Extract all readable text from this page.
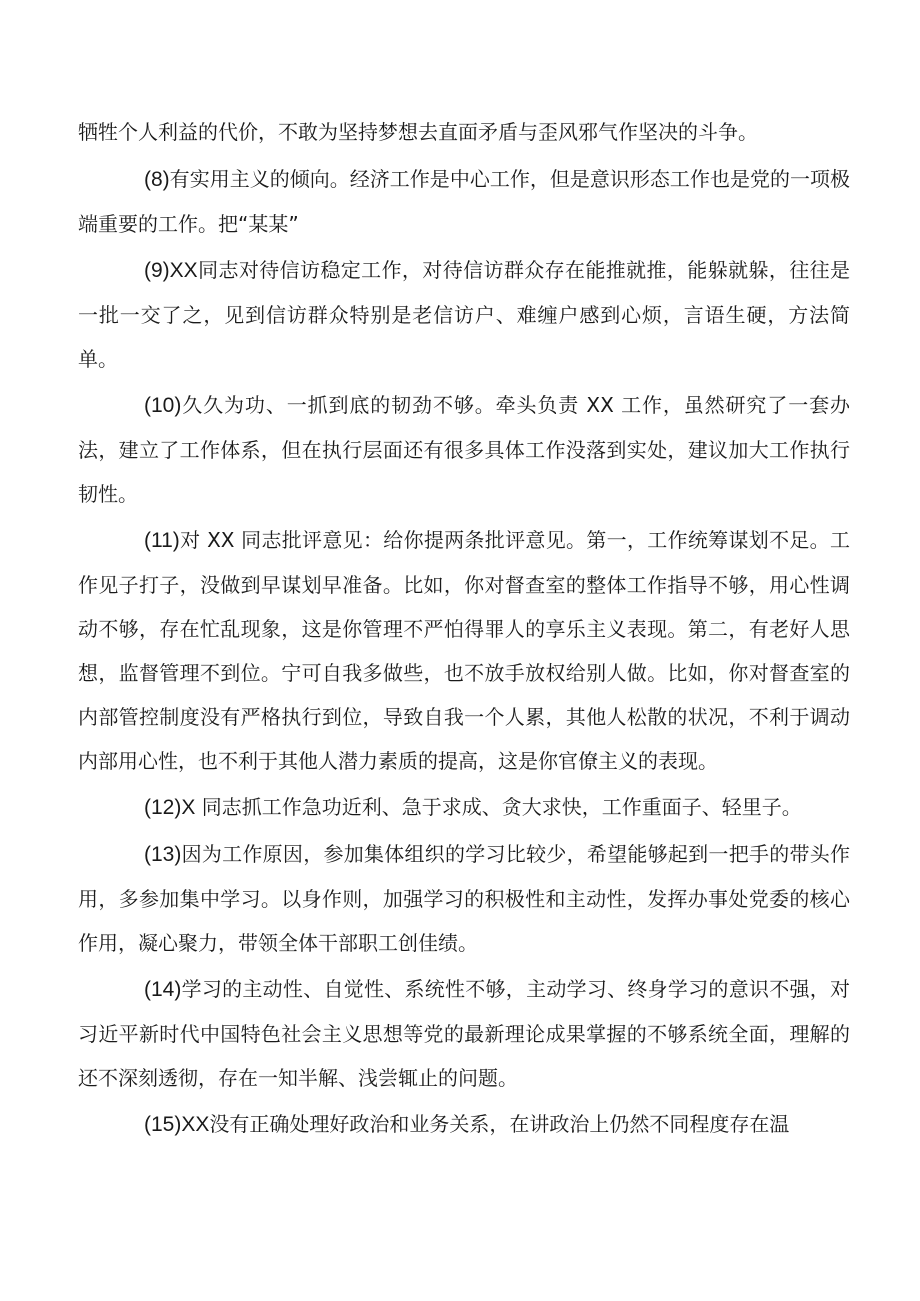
牺牲个人利益的代价，不敢为坚持梦想去直面矛盾与歪风邪气作坚决的斗争。

(8)有实用主义的倾向。经济工作是中心工作，但是意识形态工作也是党的一项极端重要的工作。把“某某”

(9)XX同志对待信访稳定工作，对待信访群众存在能推就推，能躲就躲，往往是一批一交了之，见到信访群众特别是老信访户、难缠户感到心烦，言语生硬，方法简单。

(10)久久为功、一抓到底的韧劲不够。牵头负责 XX 工作，虽然研究了一套办法，建立了工作体系，但在执行层面还有很多具体工作没落到实处，建议加大工作执行韧性。

(11)对 XX 同志批评意见：给你提两条批评意见。第一，工作统筹谋划不足。工作见子打子，没做到早谋划早准备。比如，你对督查室的整体工作指导不够，用心性调动不够，存在忙乱现象，这是你管理不严怕得罪人的享乐主义表现。第二，有老好人思想，监督管理不到位。宁可自我多做些，也不放手放权给别人做。比如，你对督查室的内部管控制度没有严格执行到位，导致自我一个人累，其他人松散的状况，不利于调动内部用心性，也不利于其他人潜力素质的提高，这是你官僚主义的表现。

(12)X 同志抓工作急功近利、急于求成、贪大求快，工作重面子、轻里子。

(13)因为工作原因，参加集体组织的学习比较少，希望能够起到一把手的带头作用，多参加集中学习。以身作则，加强学习的积极性和主动性，发挥办事处党委的核心作用，凝心聚力，带领全体干部职工创佳绩。

(14)学习的主动性、自觉性、系统性不够，主动学习、终身学习的意识不强，对习近平新时代中国特色社会主义思想等党的最新理论成果掌握的不够系统全面，理解的还不深刻透彻，存在一知半解、浅尝辄止的问题。

(15)XX没有正确处理好政治和业务关系，在讲政治上仍然不同程度存在温
